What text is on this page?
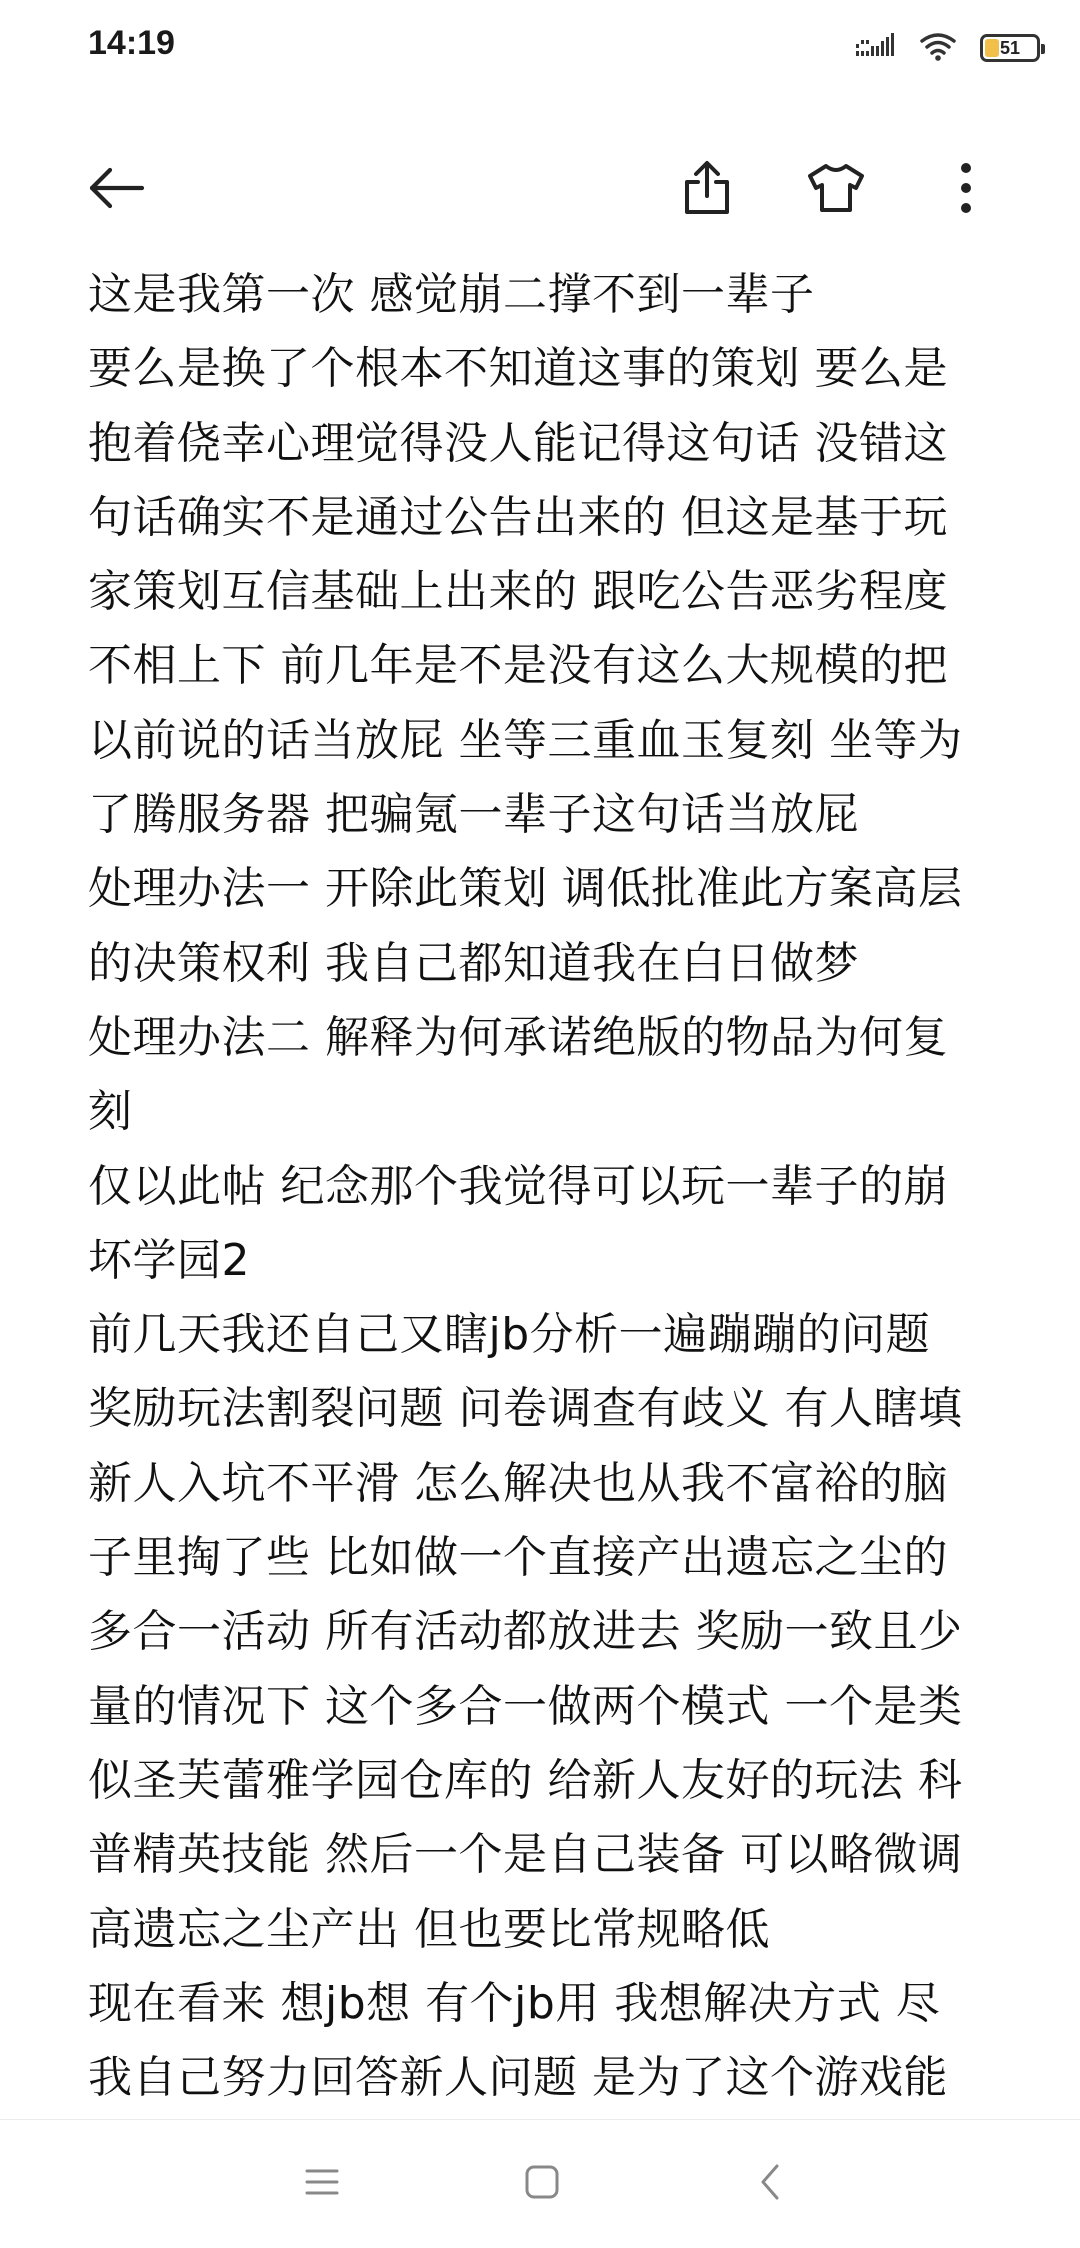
14:19	51
这是我第一次 感觉崩二撑不到一辈子
要么是换了个根本不知道这事的策划 要么是
抱着侥幸心理觉得没人能记得这句话 没错这
句话确实不是通过公告出来的 但这是基于玩
家策划互信基础上出来的 跟吃公告恶劣程度
不相上下 前几年是不是没有这么大规模的把
以前说的话当放屁 坐等三重血玉复刻 坐等为
了腾服务器 把骗氪一辈子这句话当放屁
处理办法一 开除此策划 调低批准此方案高层
的决策权利 我自己都知道我在白日做梦
处理办法二 解释为何承诺绝版的物品为何复
刻
仅以此帖 纪念那个我觉得可以玩一辈子的崩
坏学园2
前几天我还自己又瞎jb分析一遍蹦蹦的问题
奖励玩法割裂问题 问卷调查有歧义 有人瞎填
新人入坑不平滑 怎么解决也从我不富裕的脑
子里掏了些 比如做一个直接产出遗忘之尘的
多合一活动 所有活动都放进去 奖励一致且少
量的情况下 这个多合一做两个模式 一个是类
似圣芙蕾雅学园仓库的 给新人友好的玩法 科
普精英技能 然后一个是自己装备 可以略微调
高遗忘之尘产出 但也要比常规略低
现在看来 想jb想 有个jb用 我想解决方式 尽
我自己努力回答新人问题 是为了这个游戏能
